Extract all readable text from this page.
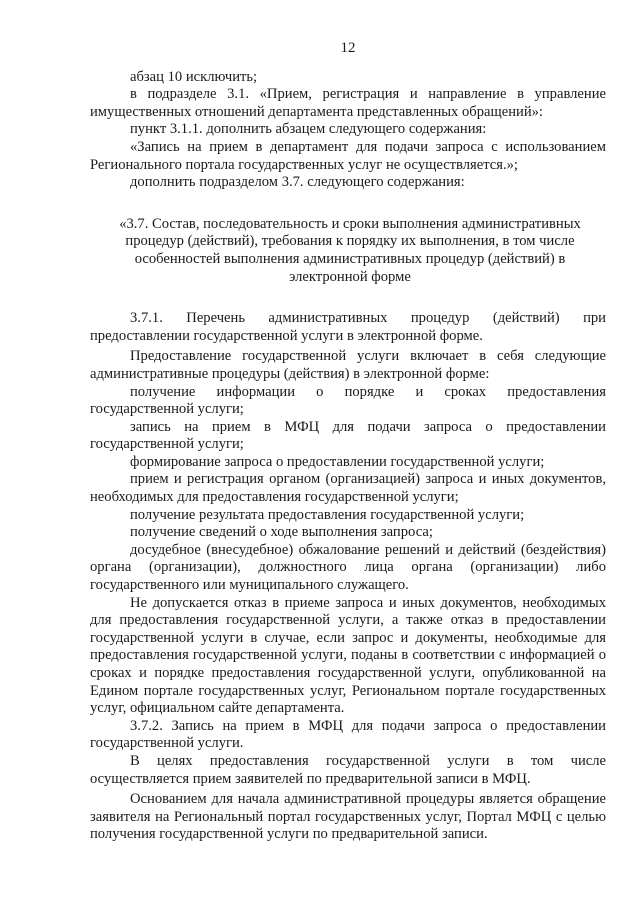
12

абзац 10 исключить;

в подразделе 3.1. «Прием, регистрация и направление в управление имущественных отношений департамента представленных обращений»:

пункт 3.1.1. дополнить абзацем следующего содержания:

«Запись на прием в департамент для подачи запроса с использованием Регионального портала государственных услуг не осуществляется.»;

дополнить подразделом 3.7. следующего содержания:

«3.7. Состав, последовательность и сроки выполнения административных процедур (действий), требования к порядку их выполнения, в том числе особенностей выполнения административных процедур (действий) в электронной форме

3.7.1. Перечень административных процедур (действий) при предоставлении государственной услуги в электронной форме.

Предоставление государственной услуги включает в себя следующие административные процедуры (действия) в электронной форме:

получение информации о порядке и сроках предоставления государственной услуги;

запись на прием в МФЦ для подачи запроса о предоставлении государственной услуги;

формирование запроса о предоставлении государственной услуги;

прием и регистрация органом (организацией) запроса и иных документов, необходимых для предоставления государственной услуги;

получение результата предоставления государственной услуги;

получение сведений о ходе выполнения запроса;

досудебное (внесудебное) обжалование решений и действий (бездействия) органа (организации), должностного лица органа (организации) либо государственного или муниципального служащего.

Не допускается отказ в приеме запроса и иных документов, необходимых для предоставления государственной услуги, а также отказ в предоставлении государственной услуги в случае, если запрос и документы, необходимые для предоставления государственной услуги, поданы в соответствии с информацией о сроках и порядке предоставления государственной услуги, опубликованной на Едином портале государственных услуг, Региональном портале государственных услуг, официальном сайте департамента.

3.7.2. Запись на прием в МФЦ для подачи запроса о предоставлении государственной услуги.

В целях предоставления государственной услуги в том числе осуществляется прием заявителей по предварительной записи в МФЦ.

Основанием для начала административной процедуры является обращение заявителя на Региональный портал государственных услуг, Портал МФЦ с целью получения государственной услуги по предварительной записи.
